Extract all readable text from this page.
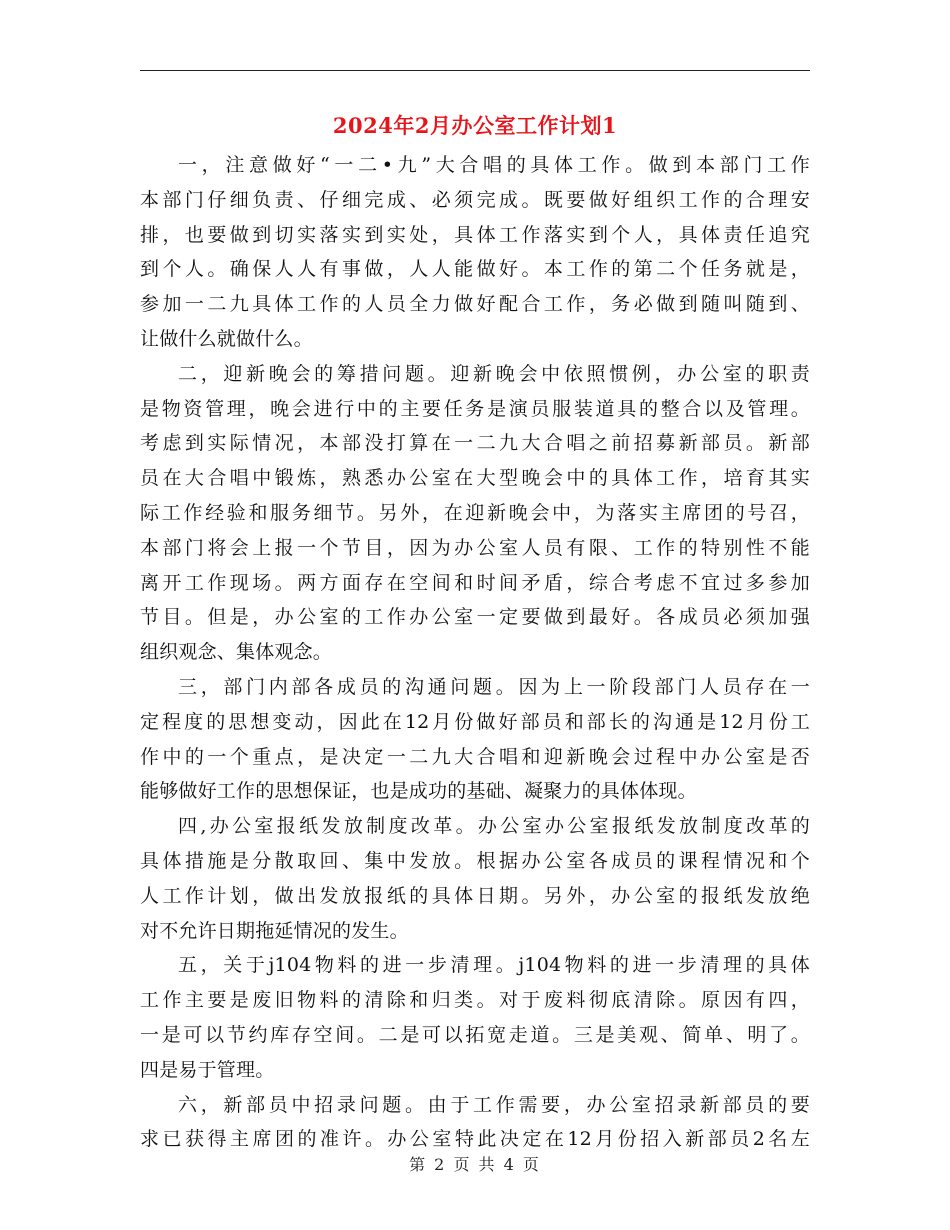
2024年2月办公室工作计划1
一，注意做好“一二•九”大合唱的具体工作。做到本部门工作
本部门仔细负责、仔细完成、必须完成。既要做好组织工作的合理安
排，也要做到切实落实到实处，具体工作落实到个人，具体责任追究
到个人。确保人人有事做，人人能做好。本工作的第二个任务就是，
参加一二九具体工作的人员全力做好配合工作，务必做到随叫随到、
让做什么就做什么。
二，迎新晚会的筹措问题。迎新晚会中依照惯例，办公室的职责
是物资管理，晚会进行中的主要任务是演员服装道具的整合以及管理。
考虑到实际情况，本部没打算在一二九大合唱之前招募新部员。新部
员在大合唱中锻炼，熟悉办公室在大型晚会中的具体工作，培育其实
际工作经验和服务细节。另外，在迎新晚会中，为落实主席团的号召，
本部门将会上报一个节目，因为办公室人员有限、工作的特别性不能
离开工作现场。两方面存在空间和时间矛盾，综合考虑不宜过多参加
节目。但是，办公室的工作办公室一定要做到最好。各成员必须加强
组织观念、集体观念。
三，部门内部各成员的沟通问题。因为上一阶段部门人员存在一
定程度的思想变动，因此在12月份做好部员和部长的沟通是12月份工
作中的一个重点，是决定一二九大合唱和迎新晚会过程中办公室是否
能够做好工作的思想保证，也是成功的基础、凝聚力的具体体现。
四,办公室报纸发放制度改革。办公室办公室报纸发放制度改革的
具体措施是分散取回、集中发放。根据办公室各成员的课程情况和个
人工作计划，做出发放报纸的具体日期。另外，办公室的报纸发放绝
对不允许日期拖延情况的发生。
五，关于j104物料的进一步清理。j104物料的进一步清理的具体
工作主要是废旧物料的清除和归类。对于废料彻底清除。原因有四，
一是可以节约库存空间。二是可以拓宽走道。三是美观、简单、明了。
四是易于管理。
六，新部员中招录问题。由于工作需要，办公室招录新部员的要
求已获得主席团的准许。办公室特此决定在12月份招入新部员2名左
第 2 页 共 4 页
